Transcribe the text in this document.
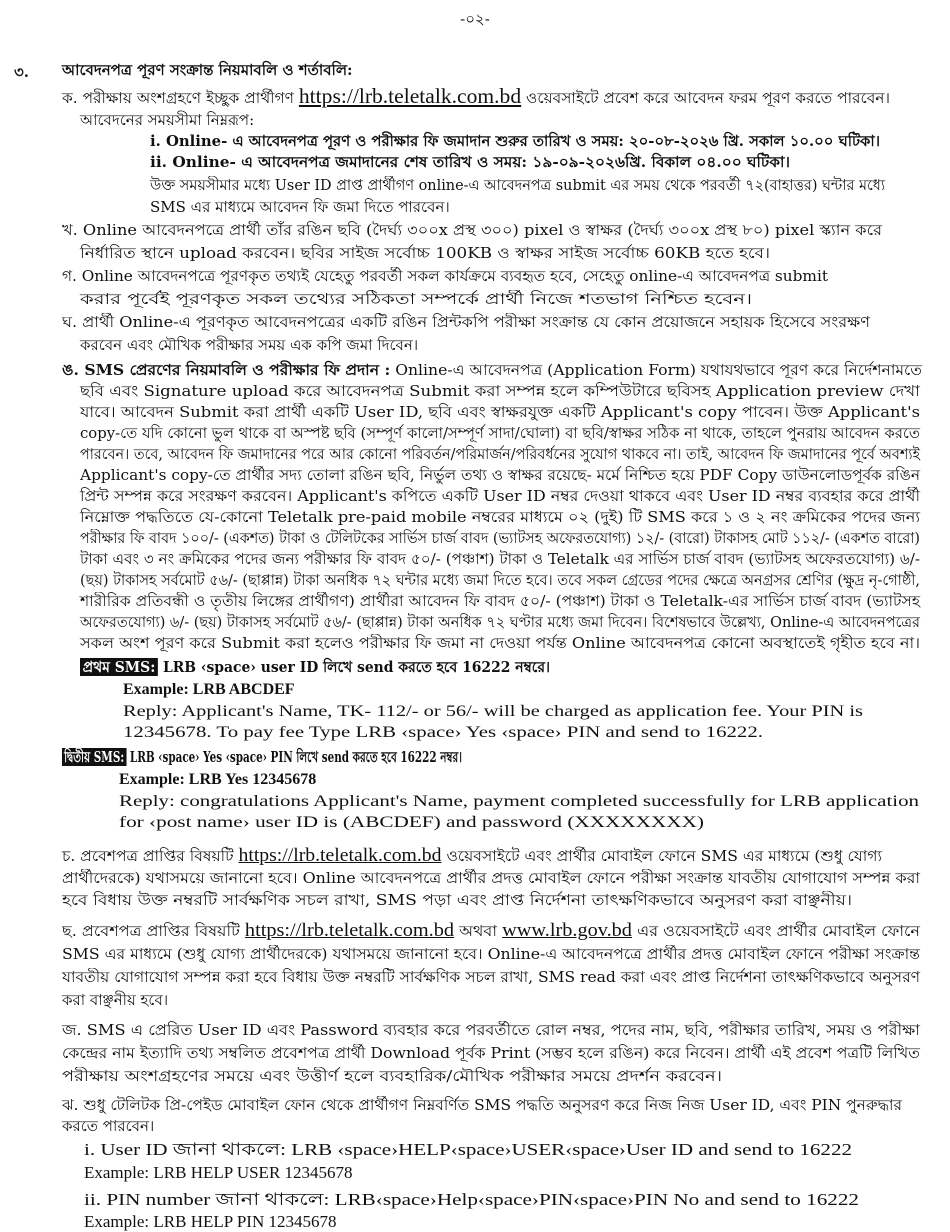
-০২-
৩. আবেদনপত্র পূরণ সংক্রান্ত নিয়মাবলি ও শর্তাবলি:
ক. পরীক্ষায় অংশগ্রহণে ইচ্ছুক প্রার্থীগণ https://lrb.teletalk.com.bd ওয়েবসাইটে প্রবেশ করে আবেদন ফরম পূরণ করতে পারবেন।
আবেদনের সময়সীমা নিম্নরূপ:
i. Online- এ আবেদনপত্র পূরণ ও পরীক্ষার ফি জমাদান শুরুর তারিখ ও সময়: ২০-০৮-২০২৬ খ্রি. সকাল ১০.০০ ঘটিকা।
ii. Online- এ আবেদনপত্র জমাদানের শেষ তারিখ ও সময়: ১৯-০৯-২০২৬খ্রি. বিকাল ০৪.০০ ঘটিকা।
উক্ত সময়সীমার মধ্যে User ID প্রাপ্ত প্রার্থীগণ online-এ আবেদনপত্র submit এর সময় থেকে পরবর্তী ৭২(বাহাত্তর) ঘন্টার মধ্যে
SMS এর মাধ্যমে আবেদন ফি জমা দিতে পারবেন।
খ. Online আবেদনপত্রে প্রার্থী তাঁর রঙিন ছবি (দৈর্ঘ্য ৩০০x প্রস্থ ৩০০) pixel ও স্বাক্ষর (দৈর্ঘ্য ৩০০x প্রস্থ ৮০) pixel স্ক্যান করে
নির্ধারিত স্থানে upload করবেন। ছবির সাইজ সর্বোচ্চ 100KB ও স্বাক্ষর সাইজ সর্বোচ্চ 60KB হতে হবে।
গ. Online আবেদনপত্রে পূরণকৃত তথ্যই যেহেতু পরবর্তী সকল কার্যক্রমে ব্যবহৃত হবে, সেহেতু online-এ আবেদনপত্র submit
করার পূর্বেই পূরণকৃত সকল তথ্যের সঠিকতা সম্পর্কে প্রার্থী নিজে শতভাগ নিশ্চিত হবেন।
ঘ. প্রার্থী Online-এ পূরণকৃত আবেদনপত্রের একটি রঙিন প্রিন্টকপি পরীক্ষা সংক্রান্ত যে কোন প্রয়োজনে সহায়ক হিসেবে সংরক্ষণ
করবেন এবং মৌখিক পরীক্ষার সময় এক কপি জমা দিবেন।
ঙ. SMS প্রেরণের নিয়মাবলি ও পরীক্ষার ফি প্রদান : Online-এ আবেদনপত্র (Application Form) যথাযথভাবে পূরণ করে নির্দেশনামতে
ছবি এবং Signature upload করে আবেদনপত্র Submit করা সম্পন্ন হলে কম্পিউটারে ছবিসহ Application preview দেখা
যাবে। আবেদন Submit করা প্রার্থী একটি User ID, ছবি এবং স্বাক্ষরযুক্ত একটি Applicant's copy পাবেন। উক্ত Applicant's
copy-তে যদি কোনো ভুল থাকে বা অস্পষ্ট ছবি (সম্পূর্ণ কালো/সম্পূর্ণ সাদা/ঘোলা) বা ছবি/স্বাক্ষর সঠিক না থাকে, তাহলে পুনরায় আবেদন করতে
পারবেন। তবে, আবেদন ফি জমাদানের পরে আর কোনো পরিবর্তন/পরিমার্জন/পরিবর্ধনের সুযোগ থাকবে না। তাই, আবেদন ফি জমাদানের পূর্বে অবশ্যই
Applicant's copy-তে প্রার্থীর সদ্য তোলা রঙিন ছবি, নির্ভুল তথ্য ও স্বাক্ষর রয়েছে- মর্মে নিশ্চিত হয়ে PDF Copy ডাউনলোডপূর্বক রঙিন
প্রিন্ট সম্পন্ন করে সংরক্ষণ করবেন। Applicant's কপিতে একটি User ID নম্বর দেওয়া থাকবে এবং User ID নম্বর ব্যবহার করে প্রার্থী
নিম্নোক্ত পদ্ধতিতে যে-কোনো Teletalk pre-paid mobile নম্বরের মাধ্যমে ০২ (দুই) টি SMS করে ১ ও ২ নং ক্রমিকের পদের জন্য
পরীক্ষার ফি বাবদ ১০০/- (একশত) টাকা ও টেলিটকের সার্ভিস চার্জ বাবদ (ভ্যাটসহ অফেরতযোগ্য) ১২/- (বারো) টাকাসহ মোট ১১২/- (একশত বারো)
টাকা এবং ৩ নং ক্রমিকের পদের জন্য পরীক্ষার ফি বাবদ ৫০/- (পঞ্চাশ) টাকা ও Teletalk এর সার্ভিস চার্জ বাবদ (ভ্যাটসহ অফেরতযোগ্য) ৬/-
(ছয়) টাকাসহ সর্বমোট ৫৬/- (ছাপ্পান্ন) টাকা অনধিক ৭২ ঘন্টার মধ্যে জমা দিতে হবে। তবে সকল গ্রেডের পদের ক্ষেত্রে অনগ্রসর শ্রেণির (ক্ষুদ্র নৃ-গোষ্ঠী,
শারীরিক প্রতিবন্ধী ও তৃতীয় লিঙ্গের প্রার্থীগণ) প্রার্থীরা আবেদন ফি বাবদ ৫০/- (পঞ্চাশ) টাকা ও Teletalk-এর সার্ভিস চার্জ বাবদ (ভ্যাটসহ
অফেরতযোগ্য) ৬/- (ছয়) টাকাসহ সর্বমোট ৫৬/- (ছাপ্পান্ন) টাকা অনধিক ৭২ ঘণ্টার মধ্যে জমা দিবেন। বিশেষভাবে উল্লেখ্য, Online-এ আবেদনপত্রের
সকল অংশ পূরণ করে Submit করা হলেও পরীক্ষার ফি জমা না দেওয়া পর্যন্ত Online আবেদনপত্র কোনো অবস্থাতেই গৃহীত হবে না।
প্রথম SMS: LRB ‹space› user ID লিখে send করতে হবে 16222 নম্বরে।
Example: LRB ABCDEF
Reply: Applicant's Name, TK- 112/- or 56/- will be charged as application fee. Your PIN is
12345678. To pay fee Type LRB ‹space› Yes ‹space› PIN and send to 16222.
দ্বিতীয় SMS: LRB ‹space› Yes ‹space› PIN লিখে send করতে হবে 16222 নম্বর।
Example: LRB Yes 12345678
Reply: congratulations Applicant's Name, payment completed successfully for LRB application
for ‹post name› user ID is (ABCDEF) and password (XXXXXXXX)
চ. প্রবেশপত্র প্রাপ্তির বিষয়টি https://lrb.teletalk.com.bd ওয়েবসাইটে এবং প্রার্থীর মোবাইল ফোনে SMS এর মাধ্যমে (শুধু যোগ্য
প্রার্থীদেরকে) যথাসময়ে জানানো হবে। Online আবেদনপত্রে প্রার্থীর প্রদত্ত মোবাইল ফোনে পরীক্ষা সংক্রান্ত যাবতীয় যোগাযোগ সম্পন্ন করা
হবে বিধায় উক্ত নম্বরটি সার্বক্ষণিক সচল রাখা, SMS পড়া এবং প্রাপ্ত নির্দেশনা তাৎক্ষণিকভাবে অনুসরণ করা বাঞ্ছনীয়।
ছ. প্রবেশপত্র প্রাপ্তির বিষয়টি https://lrb.teletalk.com.bd অথবা www.lrb.gov.bd এর ওয়েবসাইটে এবং প্রার্থীর মোবাইল ফোনে
SMS এর মাধ্যমে (শুধু যোগ্য প্রার্থীদেরকে) যথাসময়ে জানানো হবে। Online-এ আবেদনপত্রে প্রার্থীর প্রদত্ত মোবাইল ফোনে পরীক্ষা সংক্রান্ত
যাবতীয় যোগাযোগ সম্পন্ন করা হবে বিধায় উক্ত নম্বরটি সার্বক্ষণিক সচল রাখা, SMS read করা এবং প্রাপ্ত নির্দেশনা তাৎক্ষণিকভাবে অনুসরণ
করা বাঞ্ছনীয় হবে।
জ. SMS এ প্রেরিত User ID এবং Password ব্যবহার করে পরবর্তীতে রোল নম্বর, পদের নাম, ছবি, পরীক্ষার তারিখ, সময় ও পরীক্ষা
কেন্দ্রের নাম ইত্যাদি তথ্য সম্বলিত প্রবেশপত্র প্রার্থী Download পূর্বক Print (সম্ভব হলে রঙিন) করে নিবেন। প্রার্থী এই প্রবেশ পত্রটি লিখিত
পরীক্ষায় অংশগ্রহণের সময়ে এবং উত্তীর্ণ হলে ব্যবহারিক/মৌখিক পরীক্ষার সময়ে প্রদর্শন করবেন।
ঝ. শুধু টেলিটক প্রি-পেইড মোবাইল ফোন থেকে প্রার্থীগণ নিম্নবর্ণিত SMS পদ্ধতি অনুসরণ করে নিজ নিজ User ID, এবং PIN পুনরুদ্ধার
করতে পারবেন।
i. User ID জানা থাকলে: LRB ‹space›HELP‹space›USER‹space›User ID and send to 16222
Example: LRB HELP USER 12345678
ii. PIN number জানা থাকলে: LRB‹space›Help‹space›PIN‹space›PIN No and send to 16222
Example: LRB HELP PIN 12345678
